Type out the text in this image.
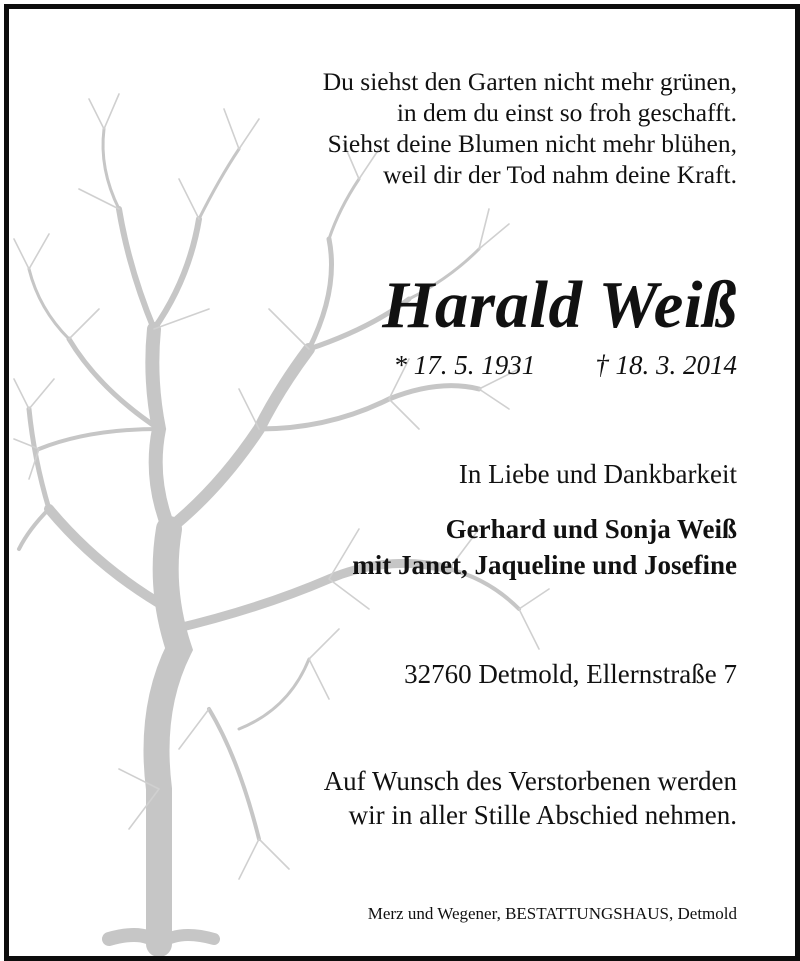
Du siehst den Garten nicht mehr grünen,
in dem du einst so froh geschafft.
Siehst deine Blumen nicht mehr blühen,
weil dir der Tod nahm deine Kraft.
Harald Weiß
* 17. 5. 1931 † 18. 3. 2014
In Liebe und Dankbarkeit
Gerhard und Sonja Weiß
mit Janet, Jaqueline und Josefine
32760 Detmold, Ellernstraße 7
Auf Wunsch des Verstorbenen werden
wir in aller Stille Abschied nehmen.
Merz und Wegener, BESTATTUNGSHAUS, Detmold
